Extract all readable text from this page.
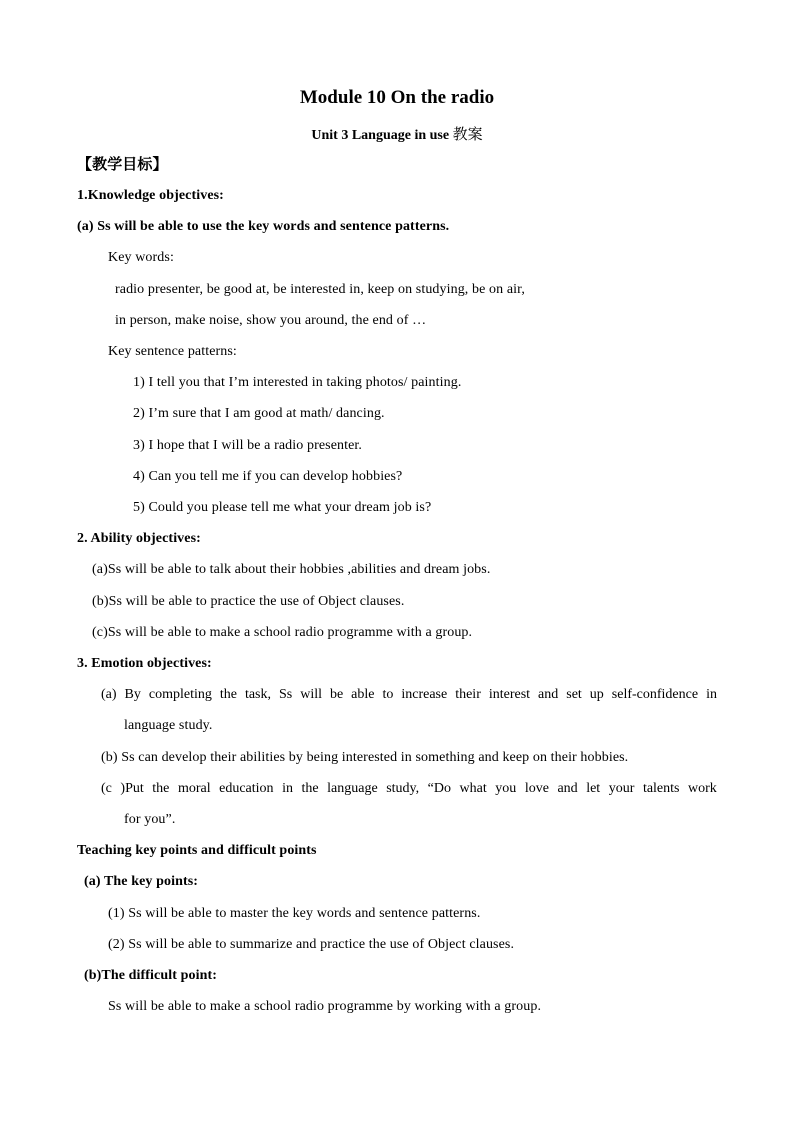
Module 10 On the radio
Unit 3 Language in use 教案
【教学目标】
1.Knowledge objectives:
(a) Ss will be able to use the key words and sentence patterns.
Key words:
radio presenter, be good at, be interested in, keep on studying, be on air,
in person, make noise, show you around, the end of …
Key sentence patterns:
1) I tell you that I’m interested in taking photos/ painting.
2) I’m sure that I am good at math/ dancing.
3) I hope that I will be a radio presenter.
4) Can you tell me if you can develop hobbies?
5) Could you please tell me what your dream job is?
2. Ability objectives:
(a)Ss will be able to talk about their hobbies ,abilities and dream jobs.
(b)Ss will be able to practice the use of Object clauses.
(c)Ss will be able to make a school radio programme with a group.
3. Emotion objectives:
(a) By completing the task, Ss will be able to increase their interest and set up self-confidence in
language study.
(b) Ss can develop their abilities by being interested in something and keep on their hobbies.
(c )Put the moral education in the language study, “Do what you love and let your talents work
for you”.
Teaching key points and difficult points
(a) The key points:
(1) Ss will be able to master the key words and sentence patterns.
(2) Ss will be able to summarize and practice the use of Object clauses.
(b)The difficult point:
Ss will be able to make a school radio programme by working with a group.
